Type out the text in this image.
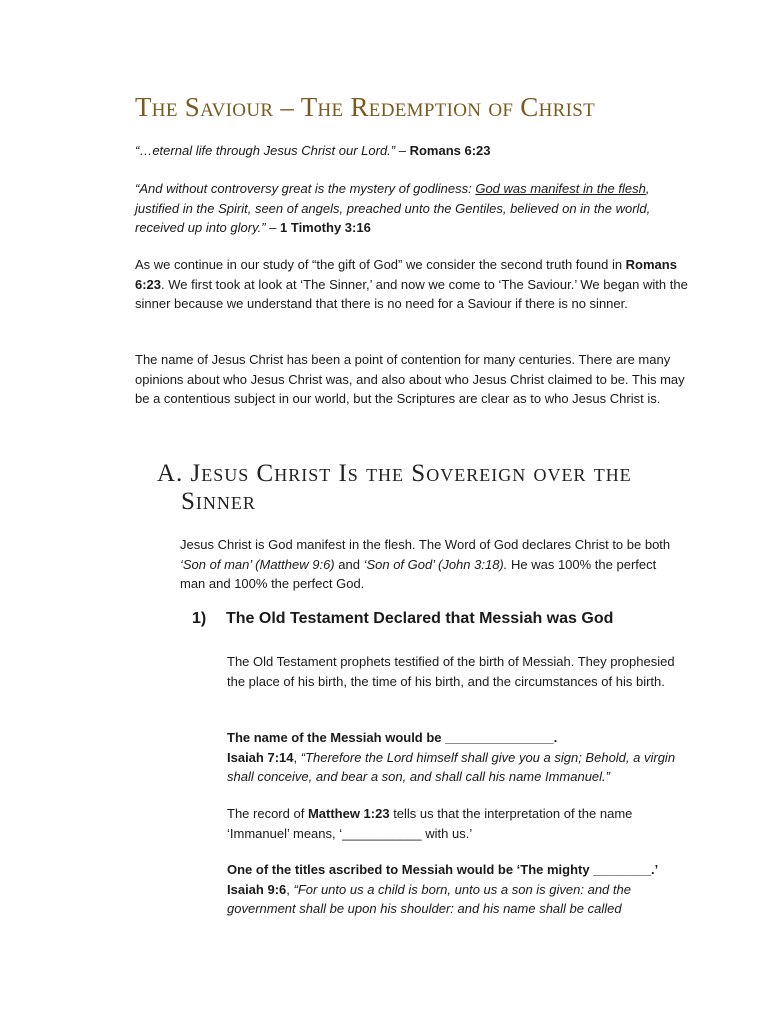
The Saviour – The Redemption of Christ
“…eternal life through Jesus Christ our Lord.” – Romans 6:23
“And without controversy great is the mystery of godliness: God was manifest in the flesh, justified in the Spirit, seen of angels, preached unto the Gentiles, believed on in the world, received up into glory.” – 1 Timothy 3:16
As we continue in our study of “the gift of God” we consider the second truth found in Romans 6:23. We first took at look at ‘The Sinner,’ and now we come to ‘The Saviour.’ We began with the sinner because we understand that there is no need for a Saviour if there is no sinner.
The name of Jesus Christ has been a point of contention for many centuries. There are many opinions about who Jesus Christ was, and also about who Jesus Christ claimed to be. This may be a contentious subject in our world, but the Scriptures are clear as to who Jesus Christ is.
A. Jesus Christ Is the Sovereign over the
Sinner
Jesus Christ is God manifest in the flesh. The Word of God declares Christ to be both ‘Son of man’ (Matthew 9:6) and ‘Son of God’ (John 3:18). He was 100% the perfect man and 100% the perfect God.
1) The Old Testament Declared that Messiah was God
The Old Testament prophets testified of the birth of Messiah. They prophesied the place of his birth, the time of his birth, and the circumstances of his birth.
The name of the Messiah would be _______________.
Isaiah 7:14, “Therefore the Lord himself shall give you a sign; Behold, a virgin shall conceive, and bear a son, and shall call his name Immanuel.”
The record of Matthew 1:23 tells us that the interpretation of the name ‘Immanuel’ means, ‘___________ with us.’
One of the titles ascribed to Messiah would be ‘The mighty ________.’
Isaiah 9:6, “For unto us a child is born, unto us a son is given: and the government shall be upon his shoulder: and his name shall be called
